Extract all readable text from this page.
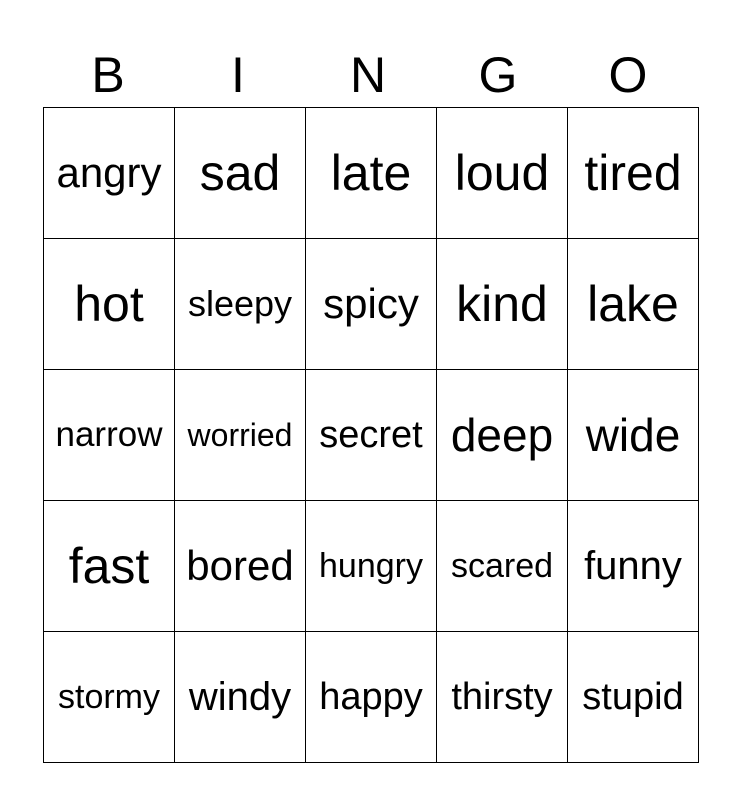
B	I	N	G	O
angry	sad	late	loud	tired
hot	sleepy	spicy	kind	lake
narrow	worried	secret	deep	wide
fast	bored	hungry	scared	funny
stormy	windy	happy	thirsty	stupid
